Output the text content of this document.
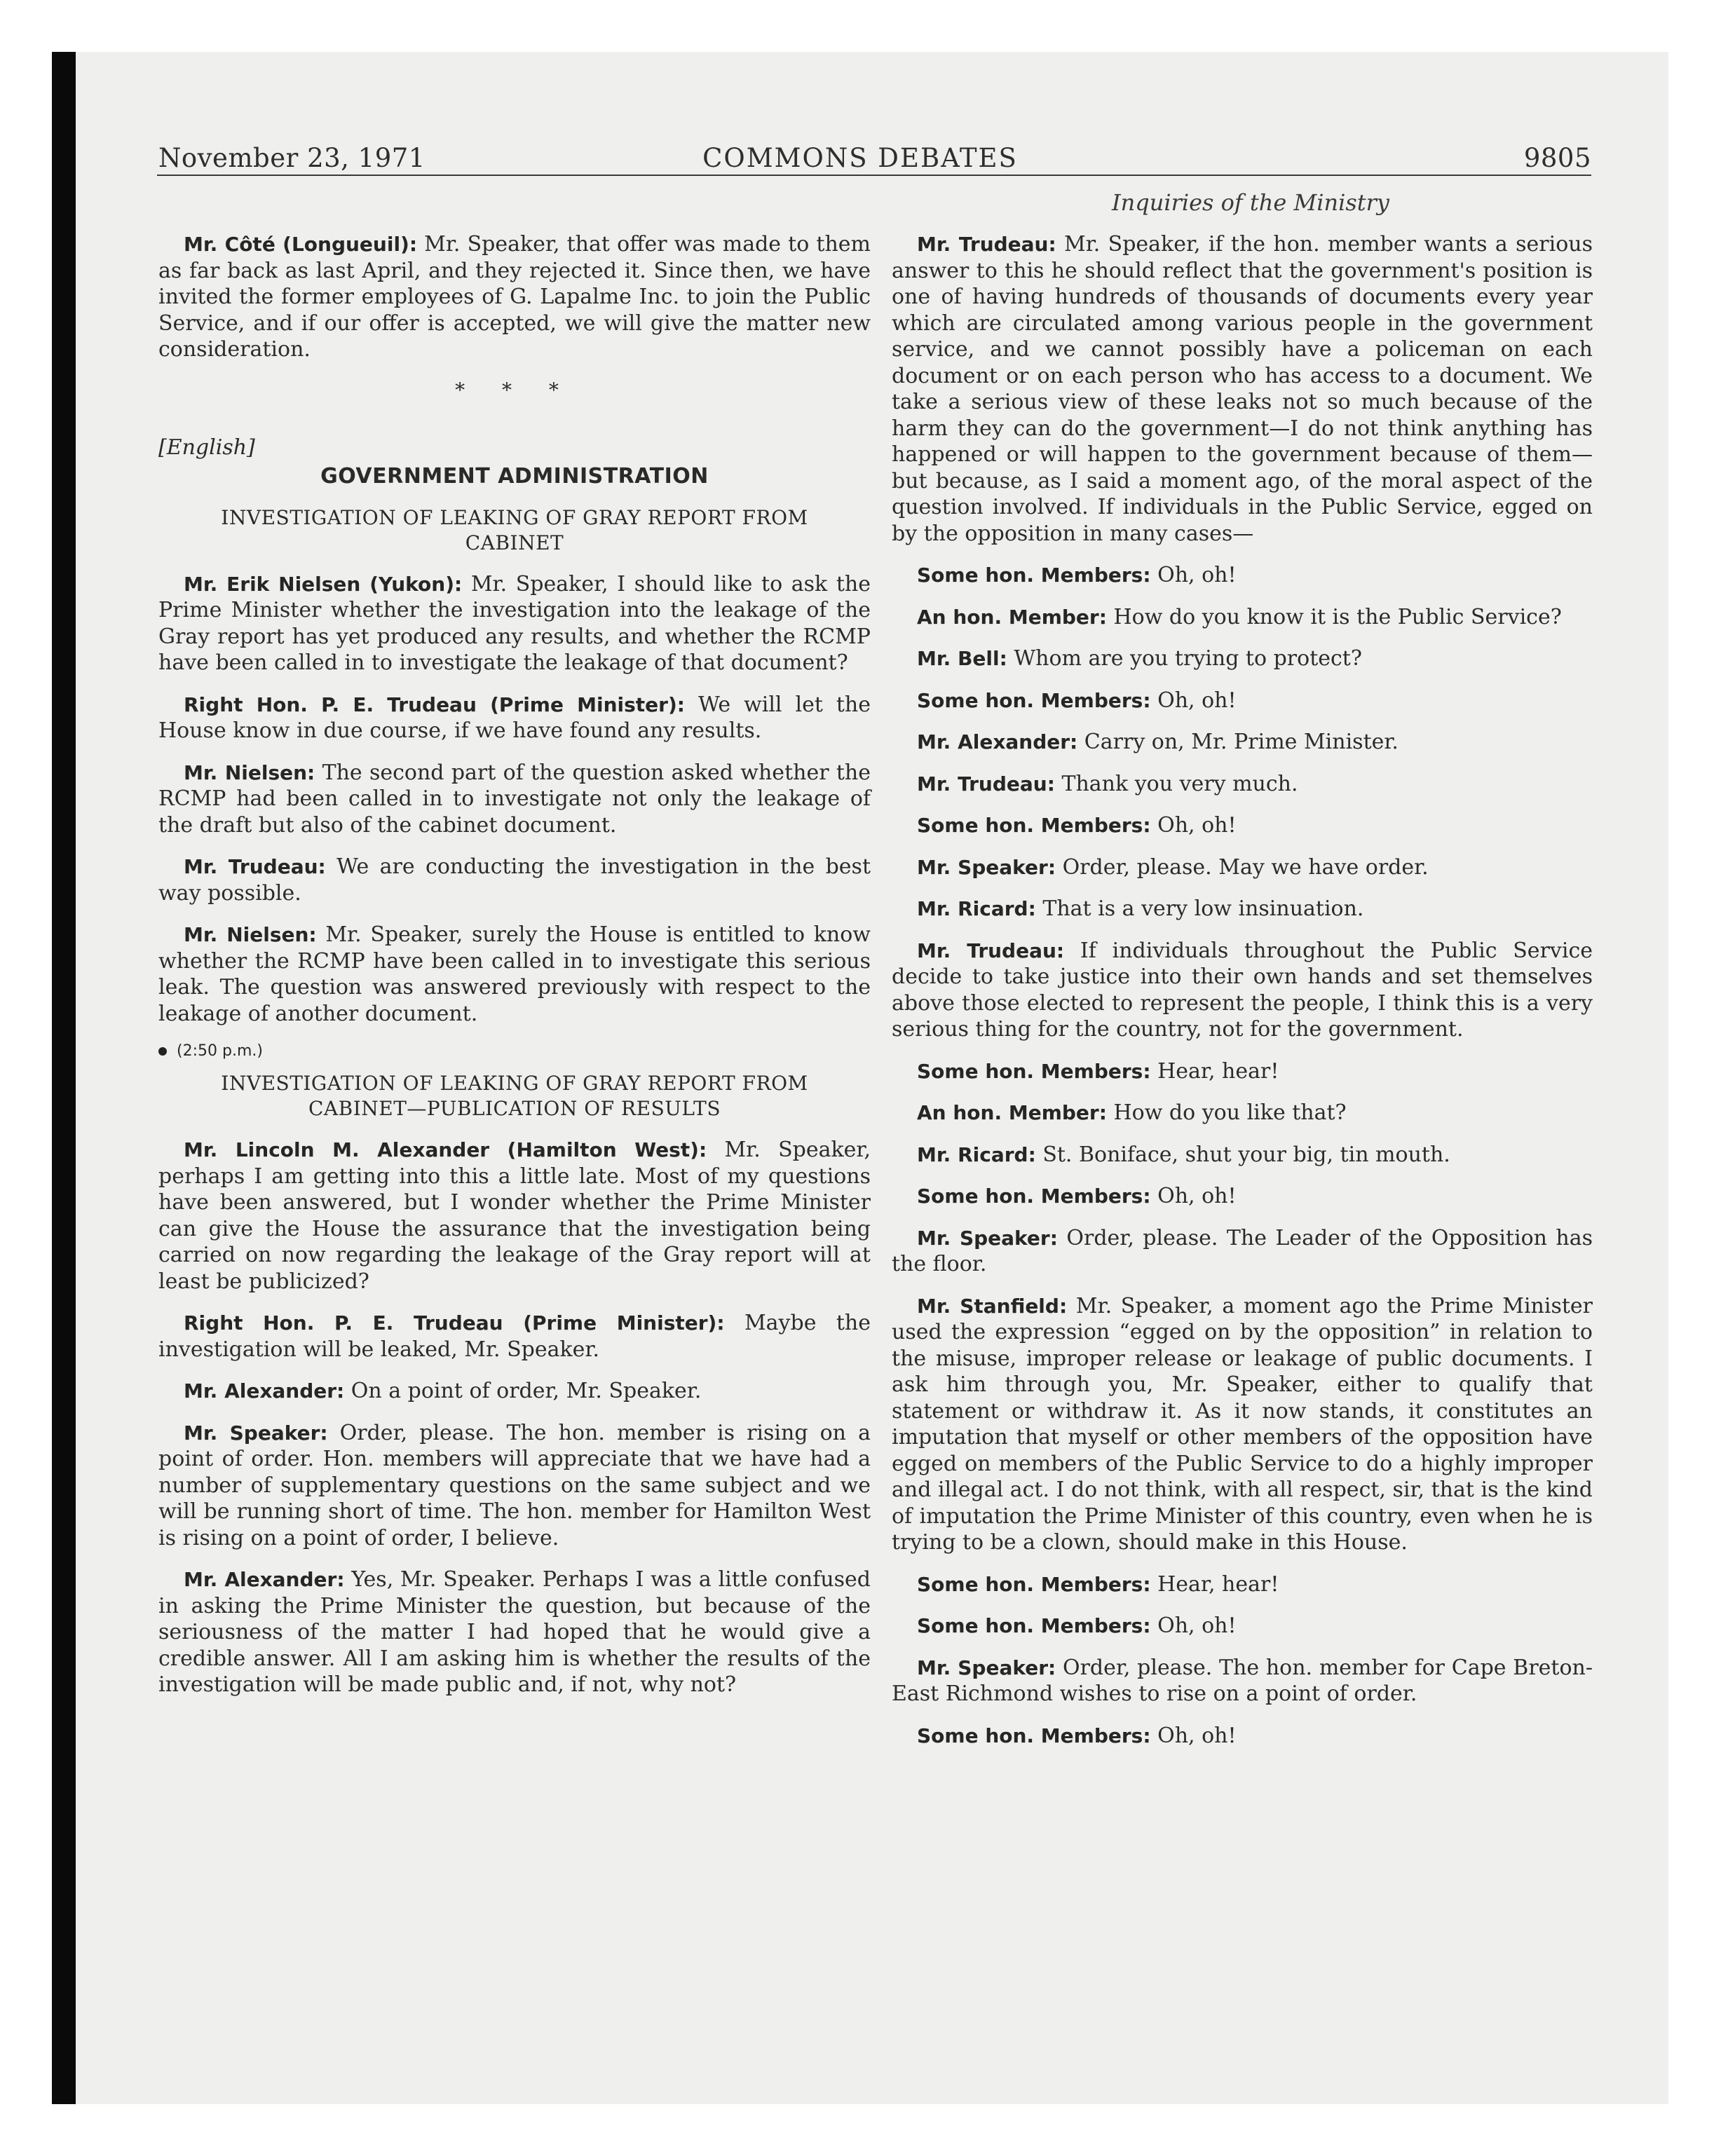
November 23, 1971	COMMONS DEBATES	9805
Inquiries of the Ministry

Mr. Côté (Longueuil): Mr. Speaker, that offer was made to them as far back as last April, and they rejected it. Since then, we have invited the former employees of G. Lapalme Inc. to join the Public Service, and if our offer is accepted, we will give the matter new consideration.

* * *
[English]
GOVERNMENT ADMINISTRATION
INVESTIGATION OF LEAKING OF GRAY REPORT FROM CABINET

Mr. Erik Nielsen (Yukon): Mr. Speaker, I should like to ask the Prime Minister whether the investigation into the leakage of the Gray report has yet produced any results, and whether the RCMP have been called in to investigate the leakage of that document?

Right Hon. P. E. Trudeau (Prime Minister): We will let the House know in due course, if we have found any results.

Mr. Nielsen: The second part of the question asked whether the RCMP had been called in to investigate not only the leakage of the draft but also of the cabinet document.

Mr. Trudeau: We are conducting the investigation in the best way possible.

Mr. Nielsen: Mr. Speaker, surely the House is entitled to know whether the RCMP have been called in to investigate this serious leak. The question was answered previously with respect to the leakage of another document.

(2:50 p.m.)
INVESTIGATION OF LEAKING OF GRAY REPORT FROM CABINET—PUBLICATION OF RESULTS

Mr. Lincoln M. Alexander (Hamilton West): Mr. Speaker, perhaps I am getting into this a little late. Most of my questions have been answered, but I wonder whether the Prime Minister can give the House the assurance that the investigation being carried on now regarding the leakage of the Gray report will at least be publicized?

Right Hon. P. E. Trudeau (Prime Minister): Maybe the investigation will be leaked, Mr. Speaker.

Mr. Alexander: On a point of order, Mr. Speaker.

Mr. Speaker: Order, please. The hon. member is rising on a point of order. Hon. members will appreciate that we have had a number of supplementary questions on the same subject and we will be running short of time. The hon. member for Hamilton West is rising on a point of order, I believe.

Mr. Alexander: Yes, Mr. Speaker. Perhaps I was a little confused in asking the Prime Minister the question, but because of the seriousness of the matter I had hoped that he would give a credible answer. All I am asking him is whether the results of the investigation will be made public and, if not, why not?

Mr. Trudeau: Mr. Speaker, if the hon. member wants a serious answer to this he should reflect that the government's position is one of having hundreds of thousands of documents every year which are circulated among various people in the government service, and we cannot possibly have a policeman on each document or on each person who has access to a document. We take a serious view of these leaks not so much because of the harm they can do the government—I do not think anything has happened or will happen to the government because of them—but because, as I said a moment ago, of the moral aspect of the question involved. If individuals in the Public Service, egged on by the opposition in many cases—

Some hon. Members: Oh, oh!

An hon. Member: How do you know it is the Public Service?

Mr. Bell: Whom are you trying to protect?

Some hon. Members: Oh, oh!

Mr. Alexander: Carry on, Mr. Prime Minister.

Mr. Trudeau: Thank you very much.

Some hon. Members: Oh, oh!

Mr. Speaker: Order, please. May we have order.

Mr. Ricard: That is a very low insinuation.

Mr. Trudeau: If individuals throughout the Public Service decide to take justice into their own hands and set themselves above those elected to represent the people, I think this is a very serious thing for the country, not for the government.

Some hon. Members: Hear, hear!

An hon. Member: How do you like that?

Mr. Ricard: St. Boniface, shut your big, tin mouth.

Some hon. Members: Oh, oh!

Mr. Speaker: Order, please. The Leader of the Opposition has the floor.

Mr. Stanfield: Mr. Speaker, a moment ago the Prime Minister used the expression “egged on by the opposition” in relation to the misuse, improper release or leakage of public documents. I ask him through you, Mr. Speaker, either to qualify that statement or withdraw it. As it now stands, it constitutes an imputation that myself or other members of the opposition have egged on members of the Public Service to do a highly improper and illegal act. I do not think, with all respect, sir, that is the kind of imputation the Prime Minister of this country, even when he is trying to be a clown, should make in this House.

Some hon. Members: Hear, hear!

Some hon. Members: Oh, oh!

Mr. Speaker: Order, please. The hon. member for Cape Breton-East Richmond wishes to rise on a point of order.

Some hon. Members: Oh, oh!
